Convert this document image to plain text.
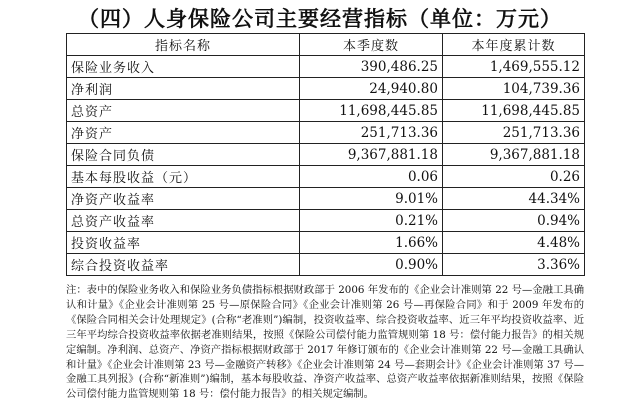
（四）人身保险公司主要经营指标（单位：万元）
指标名称	本季度数	本年度累计数
保险业务收入	390,486.25	1,469,555.12
净利润	24,940.80	104,739.36
总资产	11,698,445.85	11,698,445.85
净资产	251,713.36	251,713.36
保险合同负债	9,367,881.18	9,367,881.18
基本每股收益（元）	0.06	0.26
净资产收益率	9.01%	44.34%
总资产收益率	0.21%	0.94%
投资收益率	1.66%	4.48%
综合投资收益率	0.90%	3.36%
注：表中的保险业务收入和保险业务负债指标根据财政部于 2006 年发布的《企业会计准则第 22 号—金融工具确认和计量》《企业会计准则第 25 号—原保险合同》《企业会计准则第 26 号—再保险合同》和于 2009 年发布的《保险合同相关会计处理规定》(合称“老准则”)编制，投资收益率、综合投资收益率、近三年平均投资收益率、近三年平均综合投资收益率依据老准则结果，按照《保险公司偿付能力监管规则第 18 号：偿付能力报告》的相关规定编制。净利润、总资产、净资产指标根据财政部于 2017 年修订颁布的《企业会计准则第 22 号—金融工具确认和计量》《企业会计准则第 23 号—金融资产转移》《企业会计准则第 24 号—套期会计》《企业会计准则第 37 号—金融工具列报》(合称“新准则”)编制，基本每股收益、净资产收益率、总资产收益率依据新准则结果，按照《保险公司偿付能力监管规则第 18 号：偿付能力报告》的相关规定编制。
